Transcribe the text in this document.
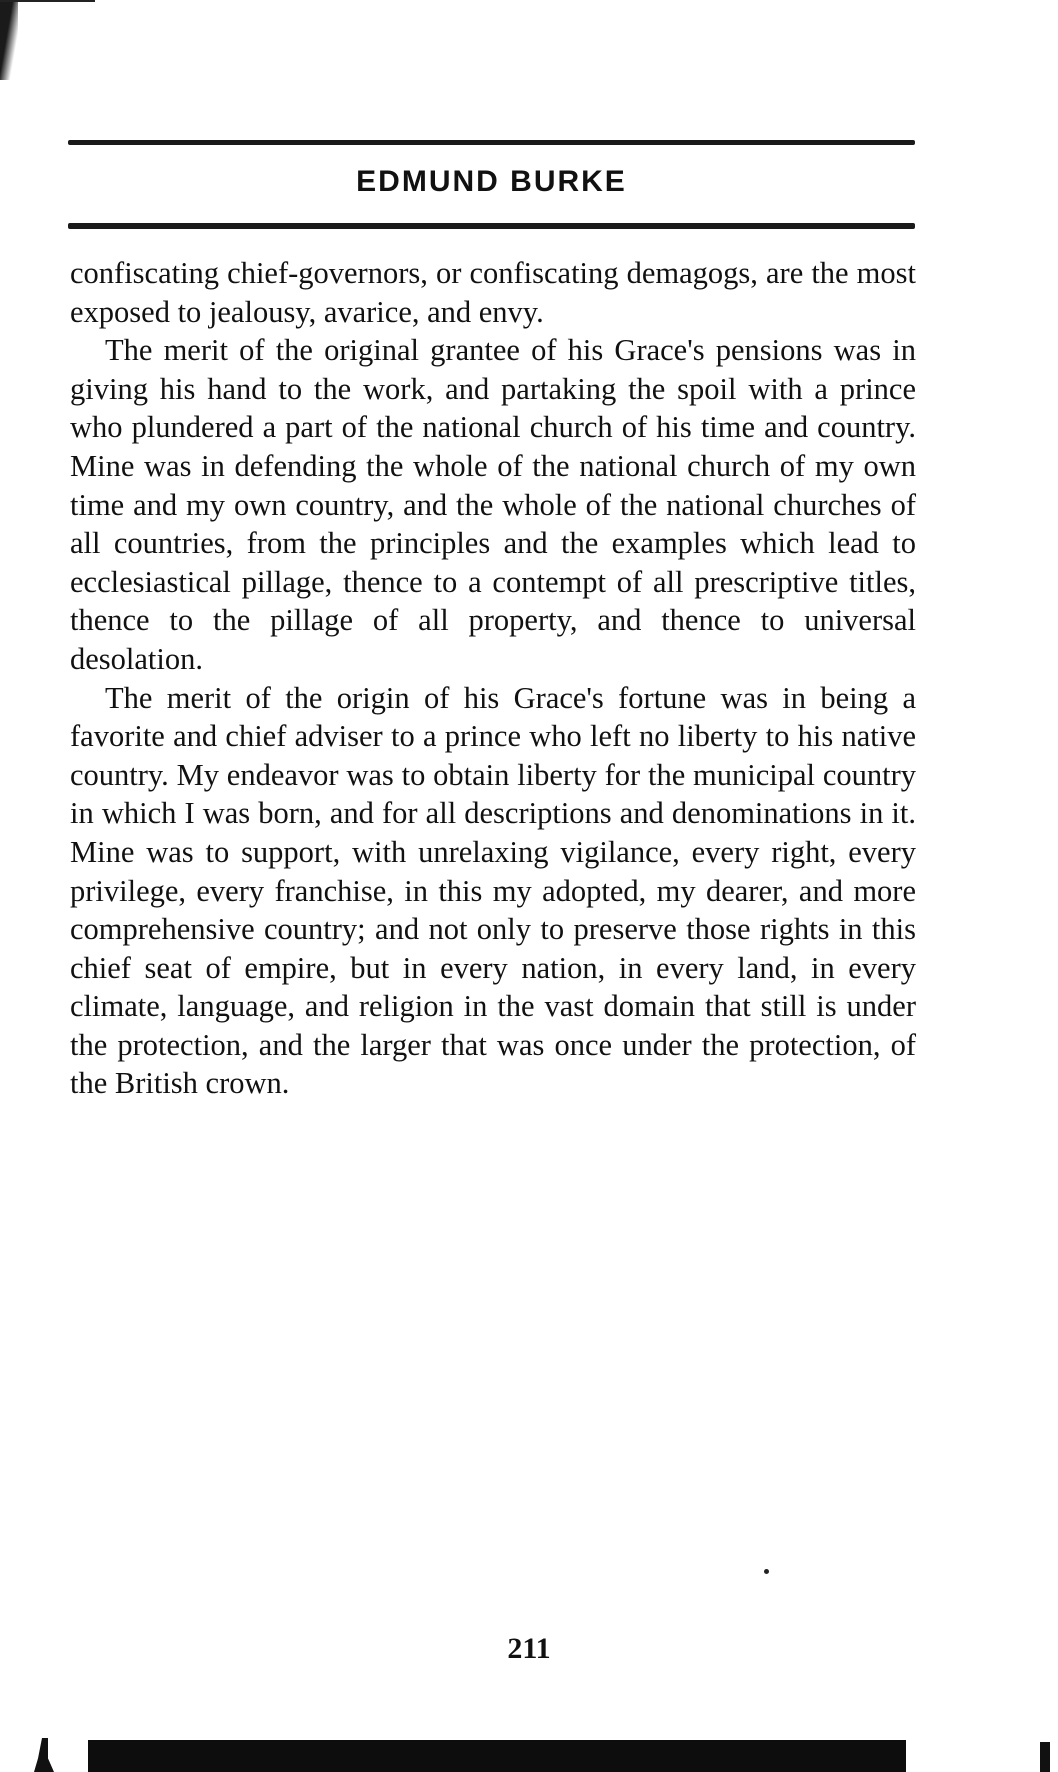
EDMUND BURKE

confiscating chief-governors, or confiscating demagogs, are the most exposed to jealousy, avarice, and envy.

The merit of the original grantee of his Grace's pensions was in giving his hand to the work, and partaking the spoil with a prince who plundered a part of the national church of his time and country. Mine was in defending the whole of the national church of my own time and my own country, and the whole of the national churches of all countries, from the principles and the examples which lead to ecclesiastical pillage, thence to a contempt of all prescriptive titles, thence to the pillage of all property, and thence to universal desolation.

The merit of the origin of his Grace's fortune was in being a favorite and chief adviser to a prince who left no liberty to his native country. My endeavor was to obtain liberty for the municipal country in which I was born, and for all descriptions and denominations in it. Mine was to support, with unrelaxing vigilance, every right, every privilege, every franchise, in this my adopted, my dearer, and more comprehensive country; and not only to preserve those rights in this chief seat of empire, but in every nation, in every land, in every climate, language, and religion in the vast domain that still is under the protection, and the larger that was once under the protection, of the British crown.

211
